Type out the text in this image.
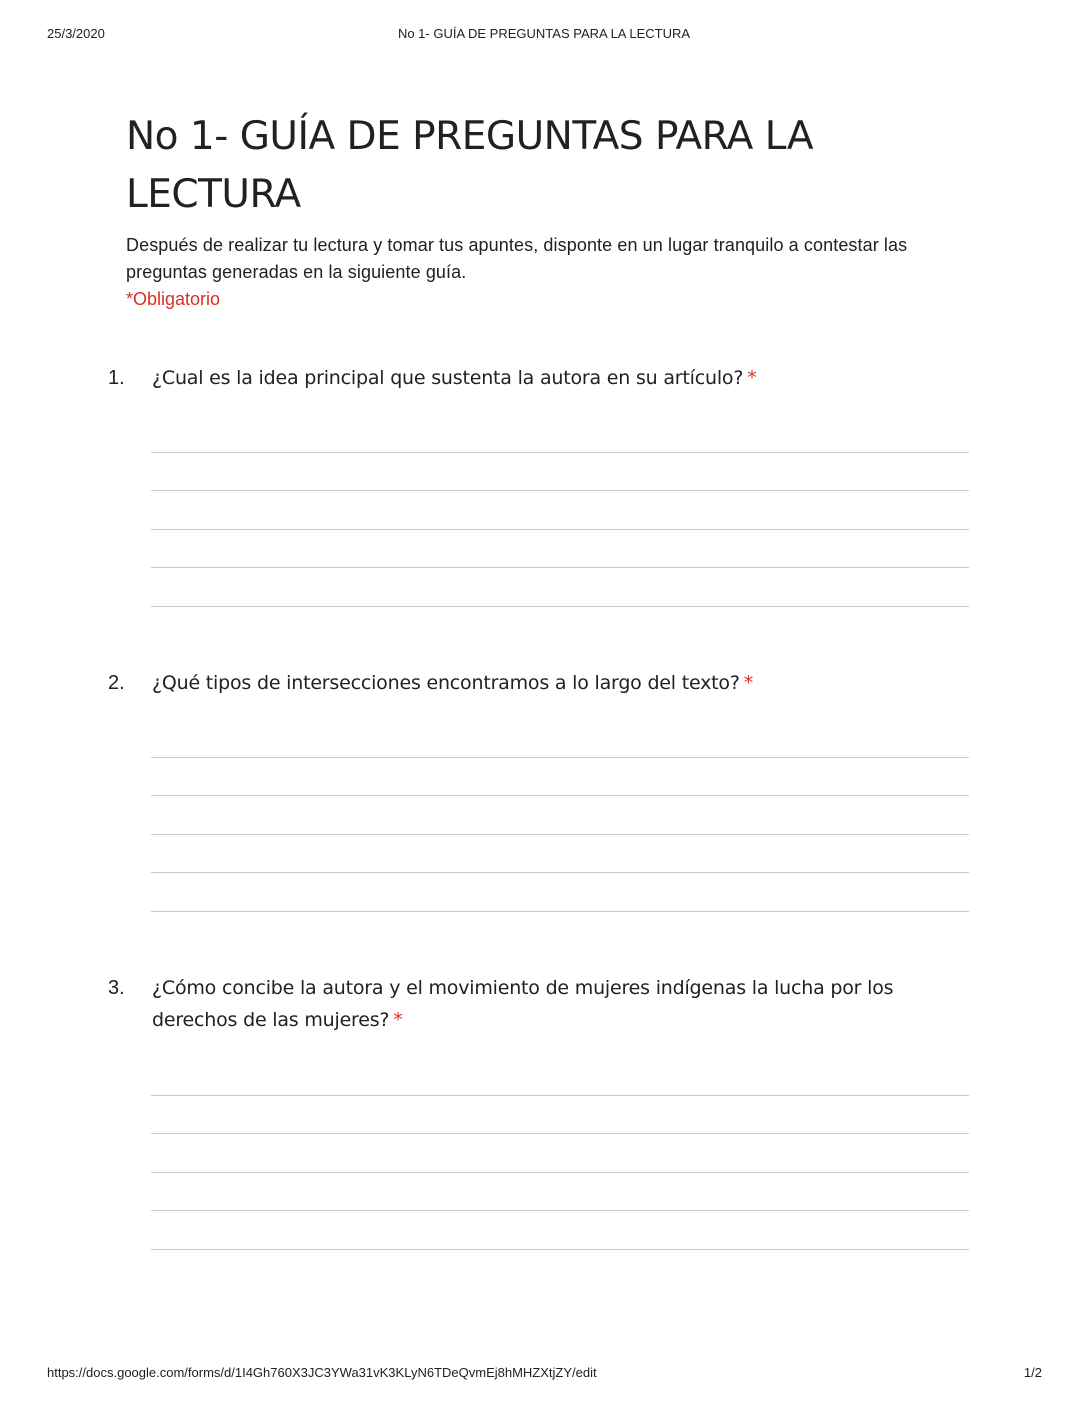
25/3/2020	No 1- GUÍA DE PREGUNTAS PARA LA LECTURA
No 1- GUÍA DE PREGUNTAS PARA LA LECTURA
Después de realizar tu lectura y tomar tus apuntes, disponte en un lugar tranquilo a contestar las preguntas generadas en la siguiente guía.
*Obligatorio
1. ¿Cual es la idea principal que sustenta la autora en su artículo? *
2. ¿Qué tipos de intersecciones encontramos a lo largo del texto? *
3. ¿Cómo concibe la autora y el movimiento de mujeres indígenas la lucha por los derechos de las mujeres? *
https://docs.google.com/forms/d/1I4Gh760X3JC3YWa31vK3KLyN6TDeQvmEj8hMHZXtjZY/edit	1/2
